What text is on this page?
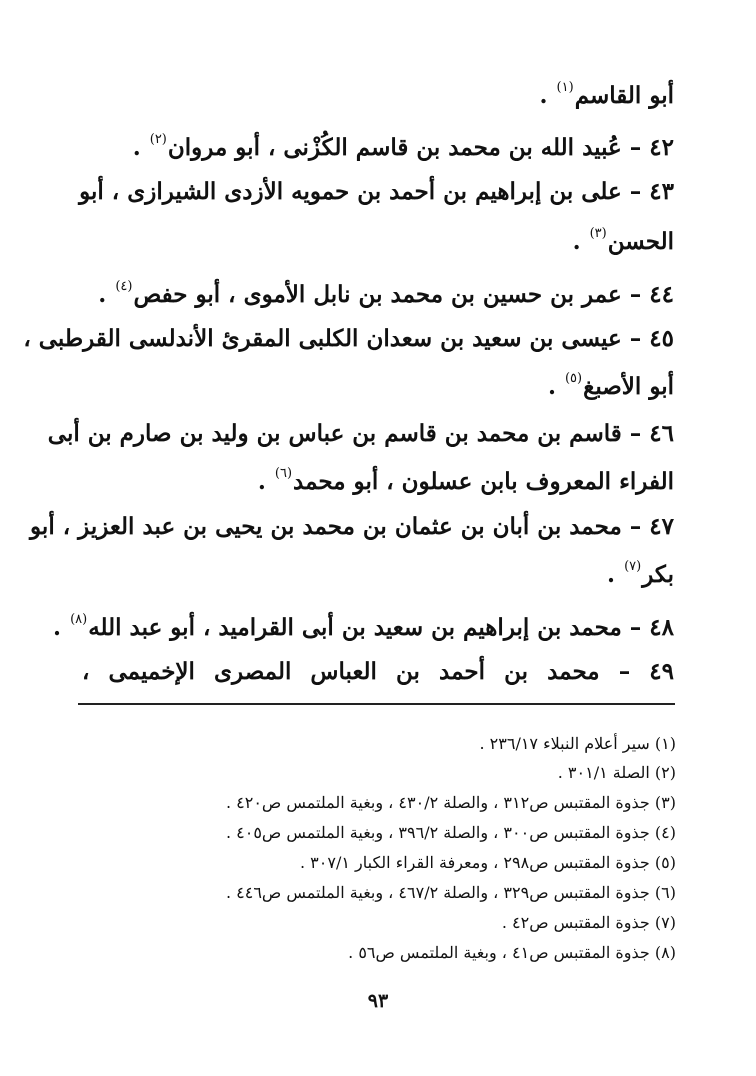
أبو القاسم$^{(١)}$ .
٤٢ – عُبيد الله بن محمد بن قاسم الكُزْنى ، أبو مروان$^{(٢)}$ .
٤٣ – على بن إبراهيم بن أحمد بن حمويه الأزدى الشيرازى ، أبو
الحسن$^{(٣)}$ .
٤٤ – عمر بن حسين بن محمد بن نابل الأموى ، أبو حفص$^{(٤)}$ .
٤٥ – عيسى بن سعيد بن سعدان الكلبى المقرئ الأندلسى القرطبى ،
أبو الأصبغ$^{(٥)}$ .
٤٦ – قاسم بن محمد بن قاسم بن عباس بن وليد بن صارم بن أبى
الفراء المعروف بابن عسلون ، أبو محمد$^{(٦)}$ .
٤٧ – محمد بن أبان بن عثمان بن محمد بن يحيى بن عبد العزيز ، أبو
بكر$^{(٧)}$ .
٤٨ – محمد بن إبراهيم بن سعيد بن أبى القراميد ، أبو عبد الله$^{(٨)}$ .
٤٩ – محمد بن أحمد بن العباس المصرى الإخميمى ،
(١) سير أعلام النبلاء ٢٣٦/١٧ .
(٢) الصلة ٣٠١/١ .
(٣) جذوة المقتبس ص٣١٢ ، والصلة ٤٣٠/٢ ، وبغية الملتمس ص٤٢٠ .
(٤) جذوة المقتبس ص٣٠٠ ، والصلة ٣٩٦/٢ ، وبغية الملتمس ص٤٠٥ .
(٥) جذوة المقتبس ص٢٩٨ ، ومعرفة القراء الكبار ٣٠٧/١ .
(٦) جذوة المقتبس ص٣٢٩ ، والصلة ٤٦٧/٢ ، وبغية الملتمس ص٤٤٦ .
(٧) جذوة المقتبس ص٤٢ .
(٨) جذوة المقتبس ص٤١ ، وبغية الملتمس ص٥٦ .
٩٣
